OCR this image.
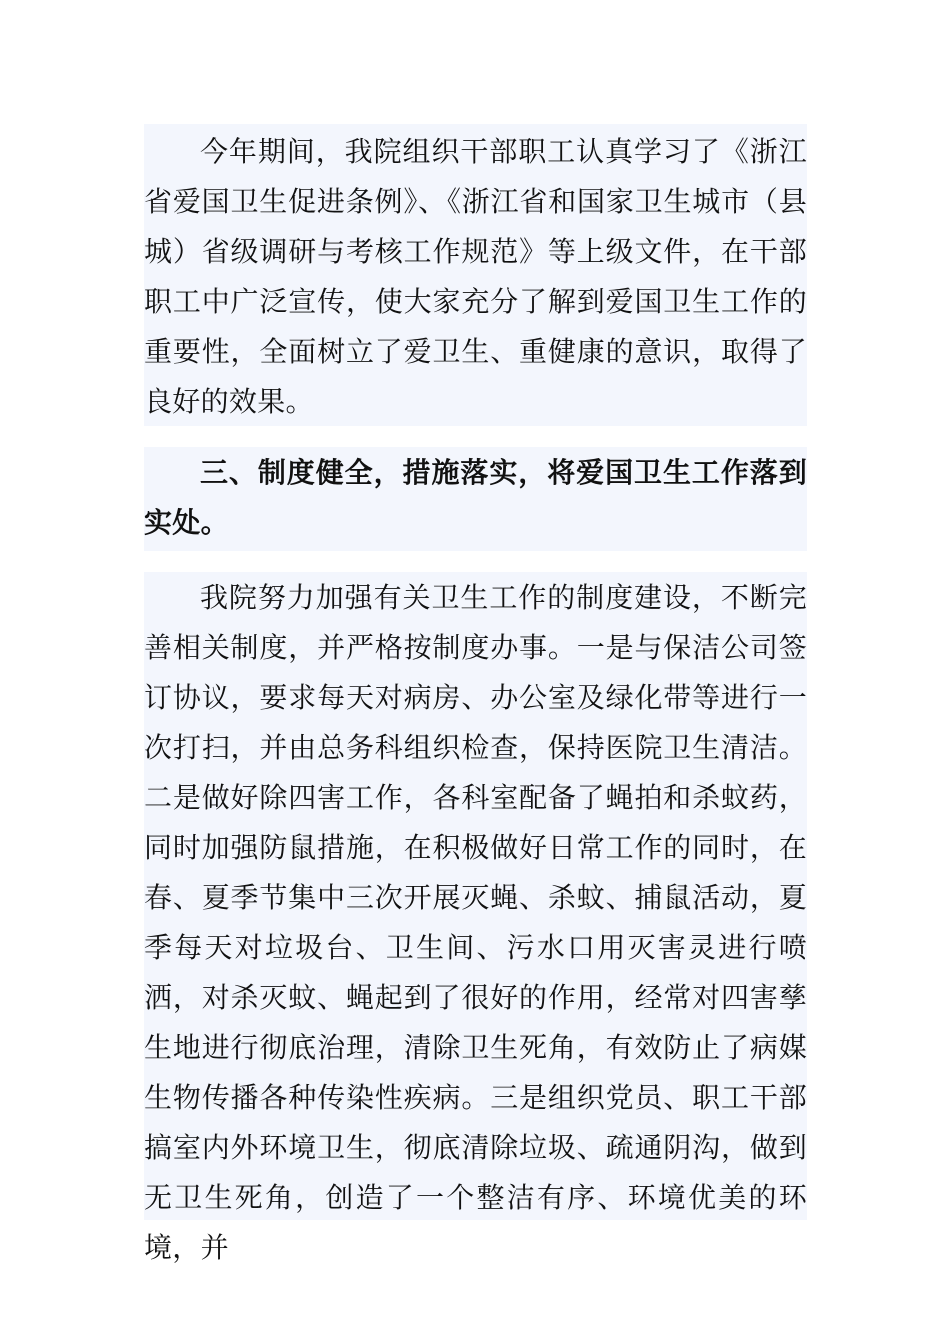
今年期间，我院组织干部职工认真学习了《浙江省爱国卫生促进条例》、《浙江省和国家卫生城市（县城）省级调研与考核工作规范》等上级文件，在干部职工中广泛宣传，使大家充分了解到爱国卫生工作的重要性，全面树立了爱卫生、重健康的意识，取得了良好的效果。

三、制度健全，措施落实，将爱国卫生工作落到实处。

我院努力加强有关卫生工作的制度建设，不断完善相关制度，并严格按制度办事。一是与保洁公司签订协议，要求每天对病房、办公室及绿化带等进行一次打扫，并由总务科组织检查，保持医院卫生清洁。二是做好除四害工作，各科室配备了蝇拍和杀蚊药，同时加强防鼠措施，在积极做好日常工作的同时，在春、夏季节集中三次开展灭蝇、杀蚊、捕鼠活动，夏季每天对垃圾台、卫生间、污水口用灭害灵进行喷洒，对杀灭蚊、蝇起到了很好的作用，经常对四害孳生地进行彻底治理，清除卫生死角，有效防止了病媒生物传播各种传染性疾病。三是组织党员、职工干部搞室内外环境卫生，彻底清除垃圾、疏通阴沟，做到无卫生死角，创造了一个整洁有序、环境优美的环境，并
